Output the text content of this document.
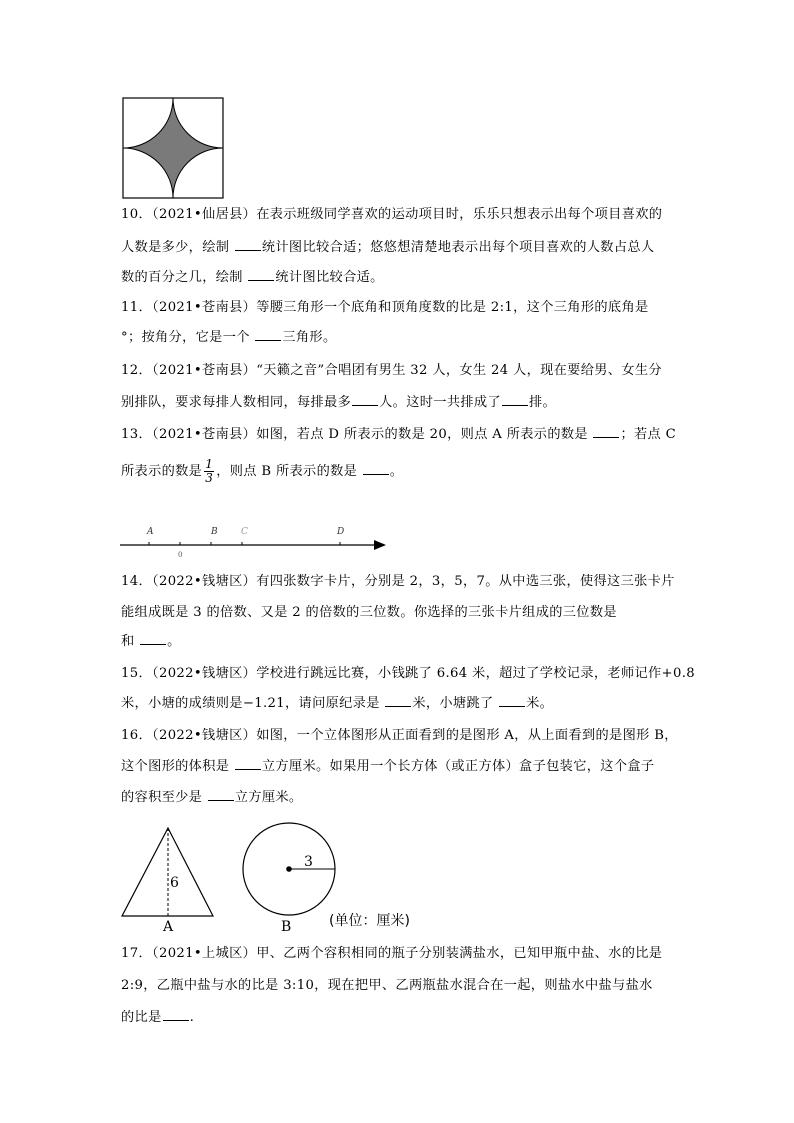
10．（2021•仙居县）在表示班级同学喜欢的运动项目时，乐乐只想表示出每个项目喜欢的
人数是多少，绘制 统计图比较合适；悠悠想清楚地表示出每个项目喜欢的人数占总人
数的百分之几，绘制 统计图比较合适。
11．（2021•苍南县）等腰三角形一个底角和顶角度数的比是 2:1，这个三角形的底角是
°；按角分，它是一个 三角形。
12．（2021•苍南县）“天籁之音”合唱团有男生 32 人，女生 24 人，现在要给男、女生分
别排队，要求每排人数相同，每排最多 人。这时一共排成了 排。
13．（2021•苍南县）如图，若点 D 所表示的数是 20，则点 A 所表示的数是 ；若点 C
所表示的数是 $\frac{1}{3}$ ，则点 B 所表示的数是 。
A	B	C	D
0
14．（2022•钱塘区）有四张数字卡片，分别是 2，3，5，7。从中选三张，使得这三张卡片
能组成既是 3 的倍数、又是 2 的倍数的三位数。你选择的三张卡片组成的三位数是
和 。
15．（2022•钱塘区）学校进行跳远比赛，小钱跳了 6.64 米，超过了学校记录，老师记作+0.8
米，小塘的成绩则是−1.21，请问原纪录是 米，小塘跳了 米。
16．（2022•钱塘区）如图，一个立体图形从正面看到的是图形 A，从上面看到的是图形 B，
这个图形的体积是 立方厘米。如果用一个长方体（或正方体）盒子包装它，这个盒子
的容积至少是 立方厘米。
6
A
3
B	(单位：厘米)
17．（2021•上城区）甲、乙两个容积相同的瓶子分别装满盐水，已知甲瓶中盐、水的比是
2:9，乙瓶中盐与水的比是 3:10，现在把甲、乙两瓶盐水混合在一起，则盐水中盐与盐水
的比是 .
